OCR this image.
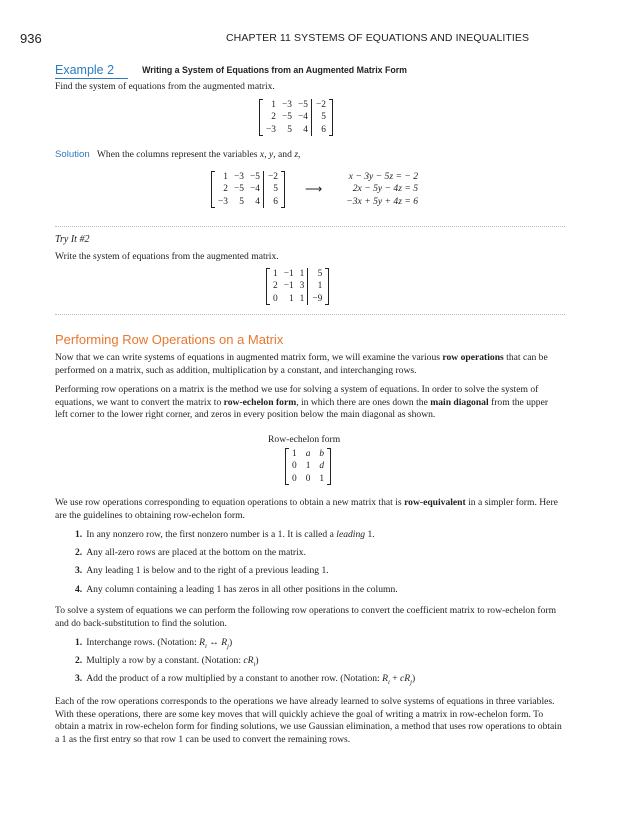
936	CHAPTER 11 SYSTEMS OF EQUATIONS AND INEQUALITIES
Example 2	Writing a System of Equations from an Augmented Matrix Form
Find the system of equations from the augmented matrix.
1	−3	−5	−2
2	−5	−4	5
−3	5	4	6
Solution When the columns represent the variables x, y, and z,
1	−3	−5	−2
2	−5	−4	5
−3	5	4	6
⟶
x − 3y − 5z = − 2
2x − 5y − 4z = 5
−3x + 5y + 4z = 6
Try It #2
Write the system of equations from the augmented matrix.
1	−1	1	5
2	−1	3	1
0	1	1	−9
Performing Row Operations on a Matrix
Now that we can write systems of equations in augmented matrix form, we will examine the various row operations that can be performed on a matrix, such as addition, multiplication by a constant, and interchanging rows.
Performing row operations on a matrix is the method we use for solving a system of equations. In order to solve the system of equations, we want to convert the matrix to row-echelon form, in which there are ones down the main diagonal from the upper left corner to the lower right corner, and zeros in every position below the main diagonal as shown.
Row-echelon form
1	a	b
0	1	d
0	0	1
We use row operations corresponding to equation operations to obtain a new matrix that is row-equivalent in a simpler form. Here are the guidelines to obtaining row-echelon form.
1. In any nonzero row, the first nonzero number is a 1. It is called a leading 1.
2. Any all-zero rows are placed at the bottom on the matrix.
3. Any leading 1 is below and to the right of a previous leading 1.
4. Any column containing a leading 1 has zeros in all other positions in the column.
To solve a system of equations we can perform the following row operations to convert the coefficient matrix to row-echelon form and do back-substitution to find the solution.
1. Interchange rows. (Notation: $R_i$ ↔ $R_j$)
2. Multiply a row by a constant. (Notation: $cR_i$)
3. Add the product of a row multiplied by a constant to another row. (Notation: $R_i + cR_j$)
Each of the row operations corresponds to the operations we have already learned to solve systems of equations in three variables. With these operations, there are some key moves that will quickly achieve the goal of writing a matrix in row-echelon form. To obtain a matrix in row-echelon form for finding solutions, we use Gaussian elimination, a method that uses row operations to obtain a 1 as the first entry so that row 1 can be used to convert the remaining rows.
